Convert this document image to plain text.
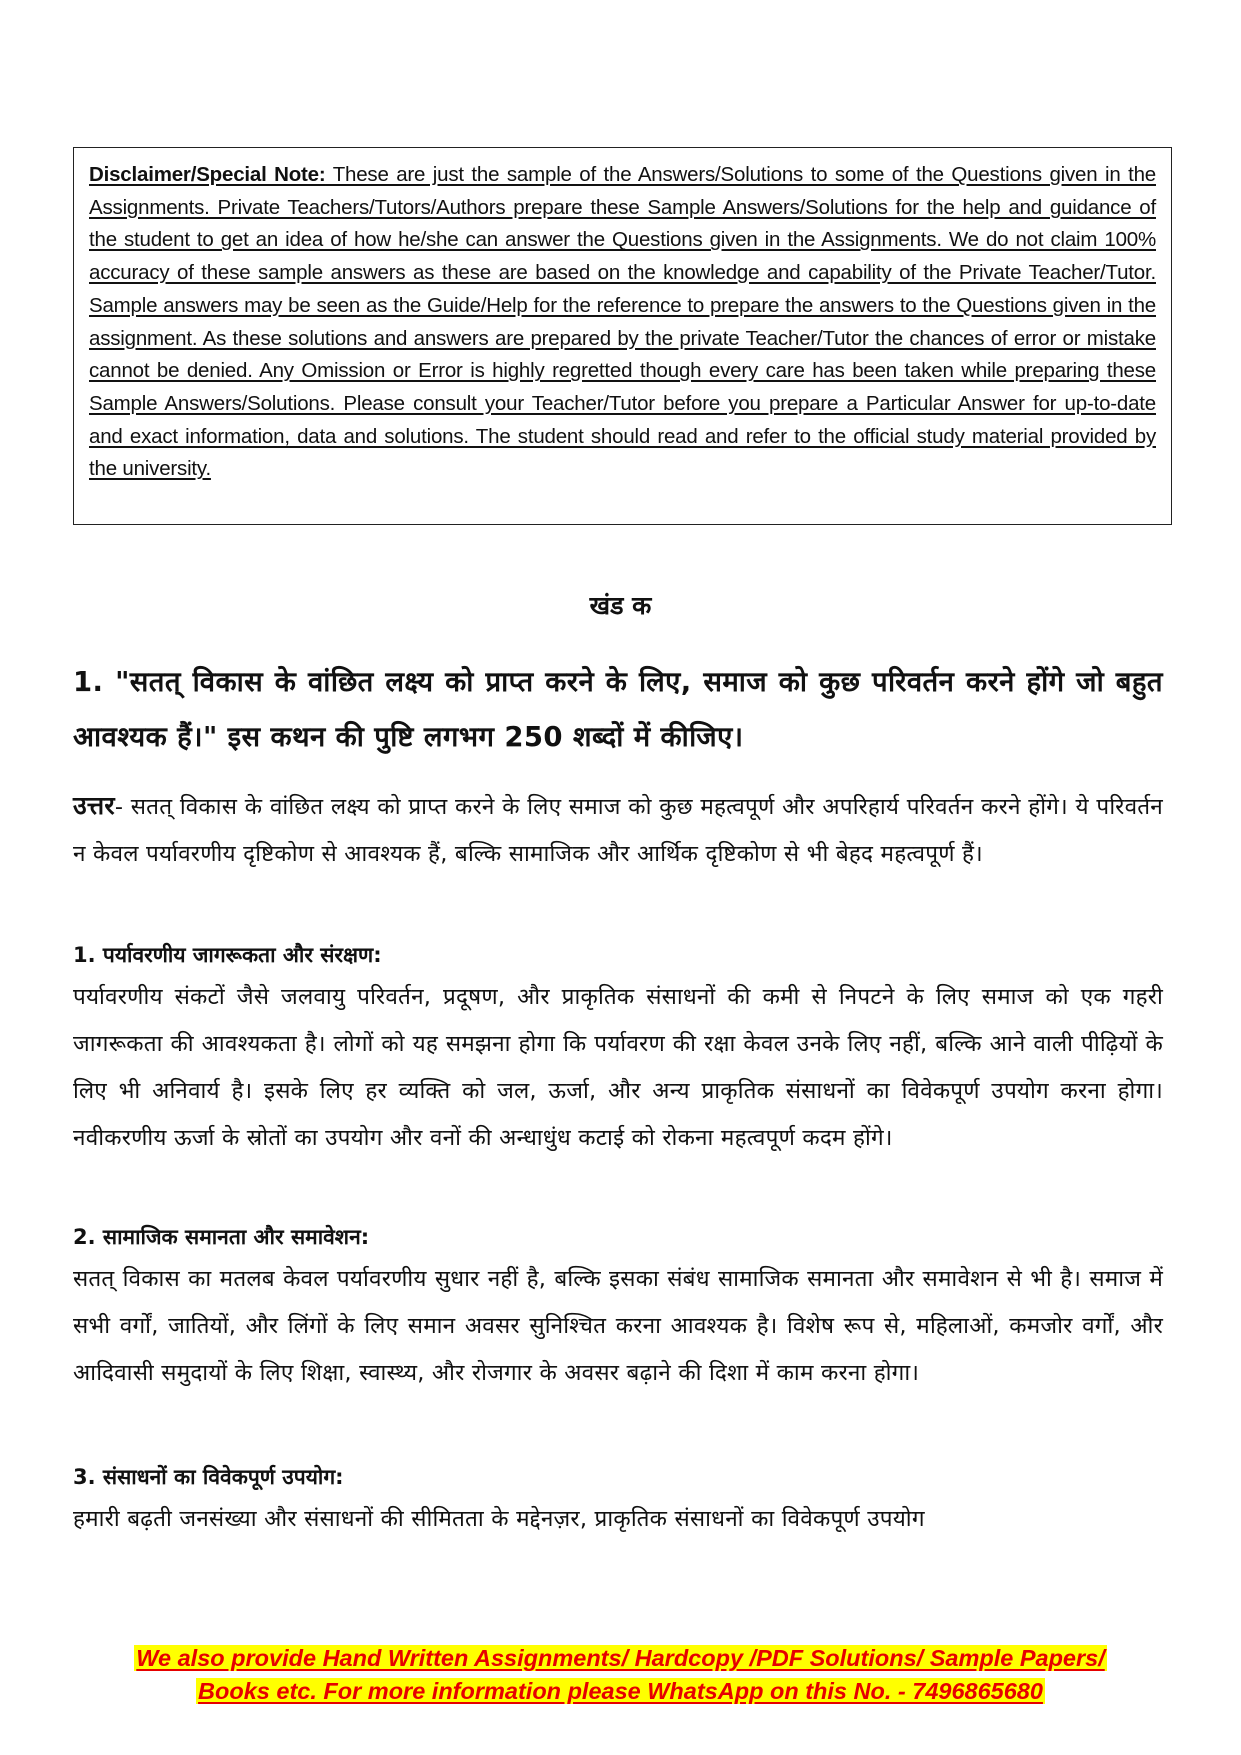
Disclaimer/Special Note: These are just the sample of the Answers/Solutions to some of the Questions given in the Assignments. Private Teachers/Tutors/Authors prepare these Sample Answers/Solutions for the help and guidance of the student to get an idea of how he/she can answer the Questions given in the Assignments. We do not claim 100% accuracy of these sample answers as these are based on the knowledge and capability of the Private Teacher/Tutor. Sample answers may be seen as the Guide/Help for the reference to prepare the answers to the Questions given in the assignment. As these solutions and answers are prepared by the private Teacher/Tutor the chances of error or mistake cannot be denied. Any Omission or Error is highly regretted though every care has been taken while preparing these Sample Answers/Solutions. Please consult your Teacher/Tutor before you prepare a Particular Answer for up-to-date and exact information, data and solutions. The student should read and refer to the official study material provided by the university.

खंड क

1. "सतत् विकास के वांछित लक्ष्य को प्राप्त करने के लिए, समाज को कुछ परिवर्तन करने होंगे जो बहुत आवश्यक हैं।" इस कथन की पुष्टि लगभग 250 शब्दों में कीजिए।

उत्तर- सतत् विकास के वांछित लक्ष्य को प्राप्त करने के लिए समाज को कुछ महत्वपूर्ण और अपरिहार्य परिवर्तन करने होंगे। ये परिवर्तन न केवल पर्यावरणीय दृष्टिकोण से आवश्यक हैं, बल्कि सामाजिक और आर्थिक दृष्टिकोण से भी बेहद महत्वपूर्ण हैं।

1. पर्यावरणीय जागरूकता और संरक्षण:

पर्यावरणीय संकटों जैसे जलवायु परिवर्तन, प्रदूषण, और प्राकृतिक संसाधनों की कमी से निपटने के लिए समाज को एक गहरी जागरूकता की आवश्यकता है। लोगों को यह समझना होगा कि पर्यावरण की रक्षा केवल उनके लिए नहीं, बल्कि आने वाली पीढ़ियों के लिए भी अनिवार्य है। इसके लिए हर व्यक्ति को जल, ऊर्जा, और अन्य प्राकृतिक संसाधनों का विवेकपूर्ण उपयोग करना होगा। नवीकरणीय ऊर्जा के स्रोतों का उपयोग और वनों की अन्धाधुंध कटाई को रोकना महत्वपूर्ण कदम होंगे।

2. सामाजिक समानता और समावेशन:

सतत् विकास का मतलब केवल पर्यावरणीय सुधार नहीं है, बल्कि इसका संबंध सामाजिक समानता और समावेशन से भी है। समाज में सभी वर्गों, जातियों, और लिंगों के लिए समान अवसर सुनिश्चित करना आवश्यक है। विशेष रूप से, महिलाओं, कमजोर वर्गों, और आदिवासी समुदायों के लिए शिक्षा, स्वास्थ्य, और रोजगार के अवसर बढ़ाने की दिशा में काम करना होगा।

3. संसाधनों का विवेकपूर्ण उपयोग:

हमारी बढ़ती जनसंख्या और संसाधनों की सीमितता के मद्देनज़र, प्राकृतिक संसाधनों का विवेकपूर्ण उपयोग

We also provide Hand Written Assignments/ Hardcopy /PDF Solutions/ Sample Papers/
Books etc. For more information please WhatsApp on this No. - 7496865680
